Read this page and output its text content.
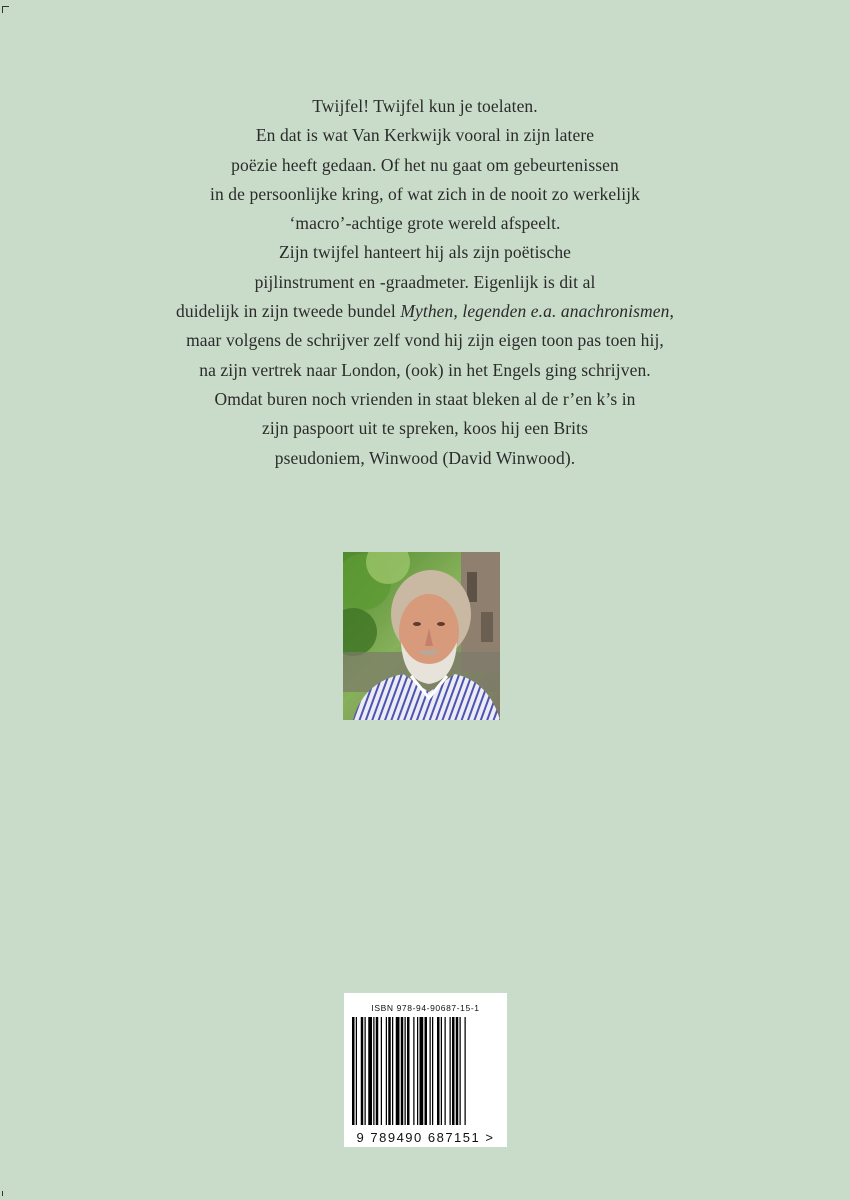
Twijfel! Twijfel kun je toelaten.
En dat is wat Van Kerkwijk vooral in zijn latere
poëzie heeft gedaan. Of het nu gaat om gebeurtenissen
in de persoonlijke kring, of wat zich in de nooit zo werkelijk
‘macro’-achtige grote wereld afspeelt.
Zijn twijfel hanteert hij als zijn poëtische
pijlinstrument en -graadmeter. Eigenlijk is dit al
duidelijk in zijn tweede bundel Mythen, legenden e.a. anachronismen,
maar volgens de schrijver zelf vond hij zijn eigen toon pas toen hij,
na zijn vertrek naar London, (ook) in het Engels ging schrijven.
Omdat buren noch vrienden in staat bleken al de r’en k’s in
zijn paspoort uit te spreken, koos hij een Brits
pseudoniem, Winwood (David Winwood).
ISBN 978-94-90687-15-1
9 789490 687151 >
